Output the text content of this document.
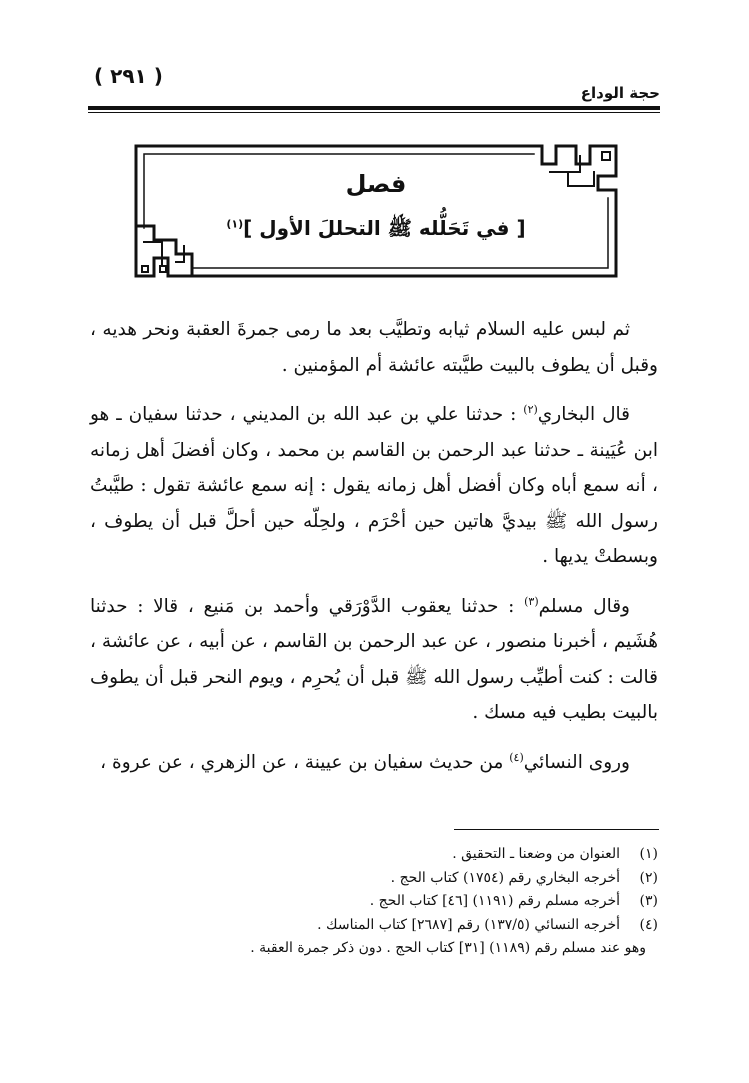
حجة الوداع
( ٢٩١ )
فصل
[ في تَحَلُّله ﷺ التحللَ الأول ]$^{(١)}$

ثم لبس عليه السلام ثيابه وتطيَّب بعد ما رمى جمرةَ العقبة ونحر هديه ، وقبل أن يطوف بالبيت طيَّبته عائشة أم المؤمنين .

قال البخاري$^{(٢)}$ : حدثنا علي بن عبد الله بن المديني ، حدثنا سفيان ـ هو ابن عُيَينة ـ حدثنا عبد الرحمن بن القاسم بن محمد ، وكان أفضلَ أهل زمانه ، أنه سمع أباه وكان أفضل أهل زمانه يقول : إنه سمع عائشة تقول : طيَّبتُ رسول الله ﷺ بيديَّ هاتين حين أحْرَم ، ولحِلّه حين أحلَّ قبل أن يطوف ، وبسطتْ يديها .

وقال مسلم$^{(٣)}$ : حدثنا يعقوب الدَّوْرَقي وأحمد بن مَنيع ، قالا : حدثنا هُشَيم ، أخبرنا منصور ، عن عبد الرحمن بن القاسم ، عن أبيه ، عن عائشة ، قالت : كنت أطيِّب رسول الله ﷺ قبل أن يُحرِم ، ويوم النحر قبل أن يطوف بالبيت بطيب فيه مسك .

وروى النسائي$^{(٤)}$ من حديث سفيان بن عيينة ، عن الزهري ، عن عروة ،

(١)العنوان من وضعنا ـ التحقيق .
(٢)أخرجه البخاري رقم (١٧٥٤) كتاب الحج .
(٣)أخرجه مسلم رقم (١١٩١) [٤٦] كتاب الحج .
(٤)أخرجه النسائي (١٣٧/٥) رقم [٢٦٨٧] كتاب المناسك .
وهو عند مسلم رقم (١١٨٩) [٣١] كتاب الحج . دون ذكر جمرة العقبة .
